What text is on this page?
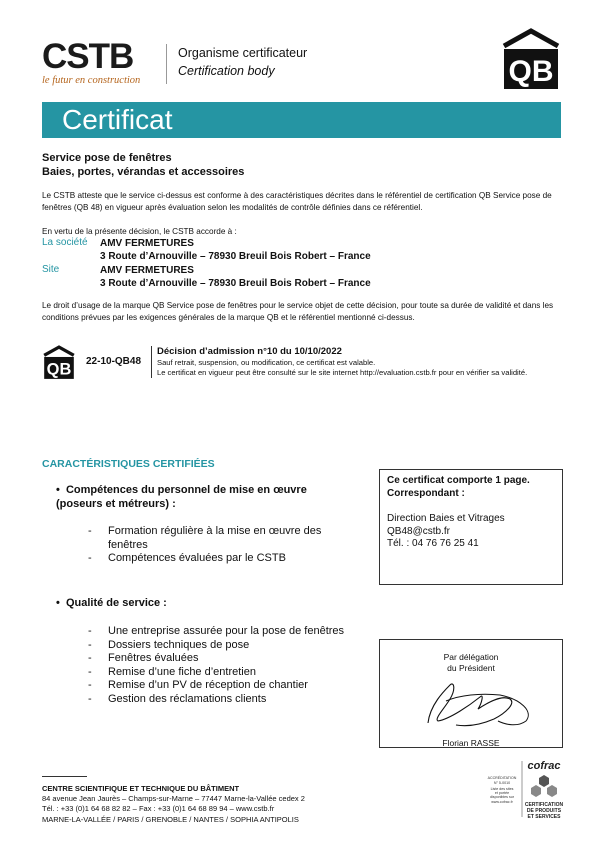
CSTB
le futur en construction
Organisme certificateur
Certification body	QB
Certificat
Service pose de fenêtres
Baies, portes, vérandas et accessoires
Le CSTB atteste que le service ci-dessus est conforme à des caractéristiques décrites dans le référentiel de certification QB Service pose de
fenêtres (QB 48) en vigueur après évaluation selon les modalités de contrôle définies dans ce référentiel.
En vertu de la présente décision, le CSTB accorde à :
La société AMV FERMETURES
3 Route d’Arnouville – 78930 Breuil Bois Robert – France
Site	AMV FERMETURES
3 Route d’Arnouville – 78930 Breuil Bois Robert – France
Le droit d’usage de la marque QB Service pose de fenêtres pour le service objet de cette décision, pour toute sa durée de validité et dans les
conditions prévues par les exigences générales de la marque QB et le référentiel mentionné ci-dessus.
QB 22-10-QB48
Décision d’admission n°10 du 10/10/2022
Sauf retrait, suspension, ou modification, ce certificat est valable.
Le certificat en vigueur peut être consulté sur le site internet http://evaluation.cstb.fr pour en vérifier sa validité.
CARACTÉRISTIQUES CERTIFIÉES
•  Compétences du personnel de mise en œuvre
(poseurs et métreurs) :
- Formation régulière à la mise en œuvre des fenêtres
- Compétences évaluées par le CSTB
•  Qualité de service :
- Une entreprise assurée pour la pose de fenêtres
- Dossiers techniques de pose
- Fenêtres évaluées
- Remise d’une fiche d’entretien
- Remise d’un PV de réception de chantier
- Gestion des réclamations clients
Ce certificat comporte 1 page.
Correspondant :
Direction Baies et Vitrages
QB48@cstb.fr
Tél. : 04 76 76 25 41
Par délégation
du Président
Florian RASSE
CENTRE SCIENTIFIQUE ET TECHNIQUE DU BÂTIMENT
84 avenue Jean Jaurès – Champs-sur-Marne – 77447 Marne-la-Vallée cedex 2
Tél. : +33 (0)1 64 68 82 82 – Fax : +33 (0)1 64 68 89 94 – www.cstb.fr
MARNE-LA-VALLÉE / PARIS / GRENOBLE / NANTES / SOPHIA ANTIPOLIS
ACCRÉDITATION
N° 5-0010
Liste des sites
et portée
disponibles sur
www.cofrac.fr
cofrac
CERTIFICATION
DE PRODUITS
ET SERVICES
